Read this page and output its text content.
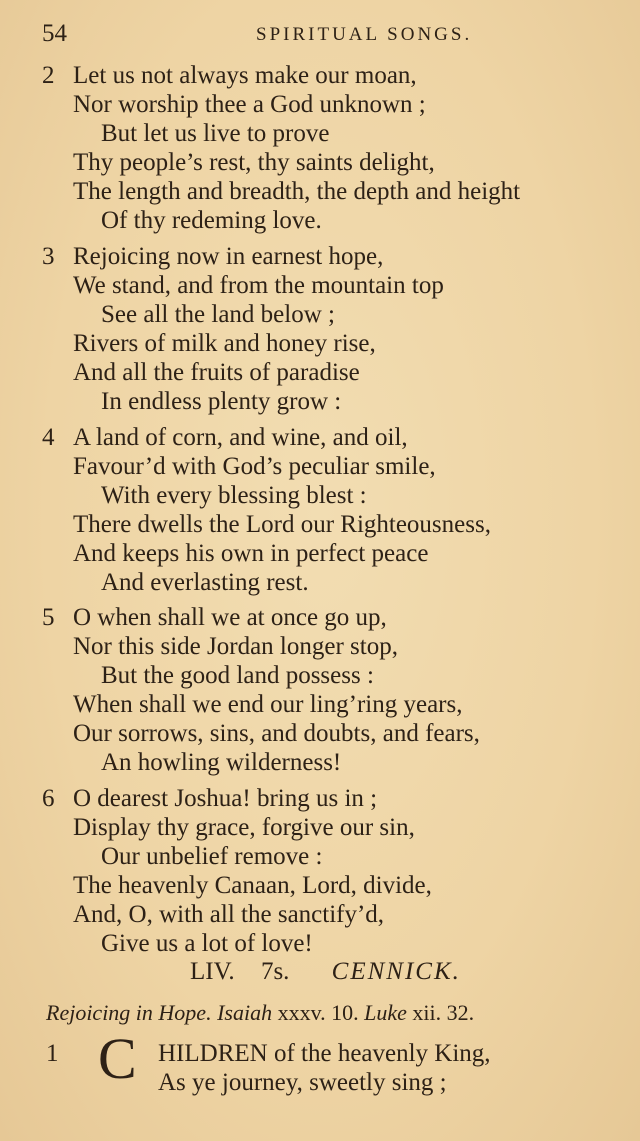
54	SPIRITUAL SONGS.
2 Let us not always make our moan,
Nor worship thee a God unknown ;
But let us live to prove
Thy people’s rest, thy saints delight,
The length and breadth, the depth and height
Of thy redeming love.
3 Rejoicing now in earnest hope,
We stand, and from the mountain top
See all the land below ;
Rivers of milk and honey rise,
And all the fruits of paradise
In endless plenty grow :
4 A land of corn, and wine, and oil,
Favour’d with God’s peculiar smile,
With every blessing blest :
There dwells the Lord our Righteousness,
And keeps his own in perfect peace
And everlasting rest.
5 O when shall we at once go up,
Nor this side Jordan longer stop,
But the good land possess :
When shall we end our ling’ring years,
Our sorrows, sins, and doubts, and fears,
An howling wilderness!
6 O dearest Joshua! bring us in ;
Display thy grace, forgive our sin,
Our unbelief remove :
The heavenly Canaan, Lord, divide,
And, O, with all the sanctify’d,
Give us a lot of love!
LIV. 7s. CENNICK.
Rejoicing in Hope. Isaiah xxxv. 10. Luke xii. 32.
1 C HILDREN of the heavenly King,
As ye journey, sweetly sing ;
